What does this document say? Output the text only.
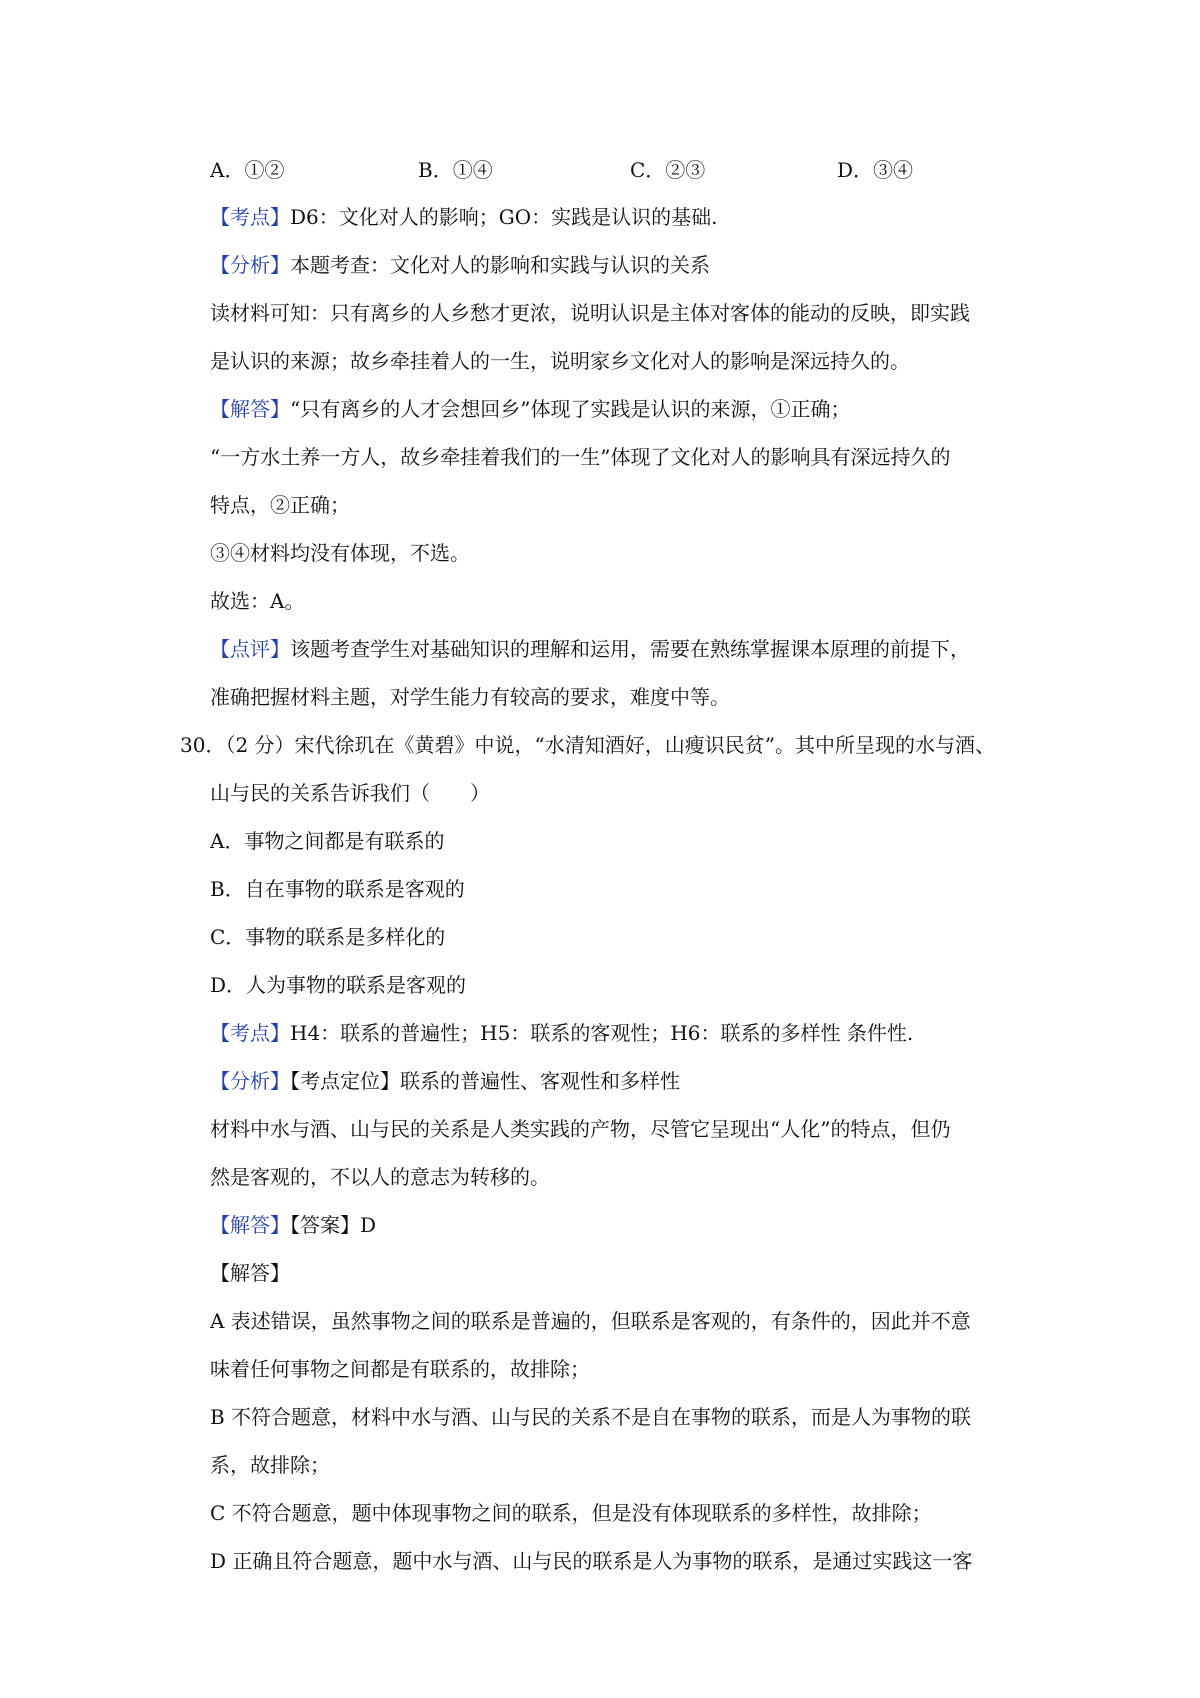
A．①②	B．①④	C．②③	D．③④
【考点】D6：文化对人的影响；GO：实践是认识的基础.
【分析】本题考查：文化对人的影响和实践与认识的关系
读材料可知：只有离乡的人乡愁才更浓，说明认识是主体对客体的能动的反映，即实践
是认识的来源；故乡牵挂着人的一生，说明家乡文化对人的影响是深远持久的。
【解答】“只有离乡的人才会想回乡”体现了实践是认识的来源，①正确；
“一方水土养一方人，故乡牵挂着我们的一生”体现了文化对人的影响具有深远持久的
特点，②正确；
③④材料均没有体现，不选。
故选：A。
【点评】该题考查学生对基础知识的理解和运用，需要在熟练掌握课本原理的前提下，
准确把握材料主题，对学生能力有较高的要求，难度中等。
30．（2 分）宋代徐玑在《黄碧》中说，“水清知酒好，山瘦识民贫”。其中所呈现的水与酒、
山与民的关系告诉我们（　　）
A．事物之间都是有联系的
B．自在事物的联系是客观的
C．事物的联系是多样化的
D．人为事物的联系是客观的
【考点】H4：联系的普遍性；H5：联系的客观性；H6：联系的多样性 条件性.
【分析】【考点定位】联系的普遍性、客观性和多样性
材料中水与酒、山与民的关系是人类实践的产物，尽管它呈现出“人化”的特点，但仍
然是客观的，不以人的意志为转移的。
【解答】【答案】D
【解答】
A 表述错误，虽然事物之间的联系是普遍的，但联系是客观的，有条件的，因此并不意
味着任何事物之间都是有联系的，故排除；
B 不符合题意，材料中水与酒、山与民的关系不是自在事物的联系，而是人为事物的联
系，故排除；
C 不符合题意，题中体现事物之间的联系，但是没有体现联系的多样性，故排除；
D 正确且符合题意，题中水与酒、山与民的联系是人为事物的联系，是通过实践这一客
